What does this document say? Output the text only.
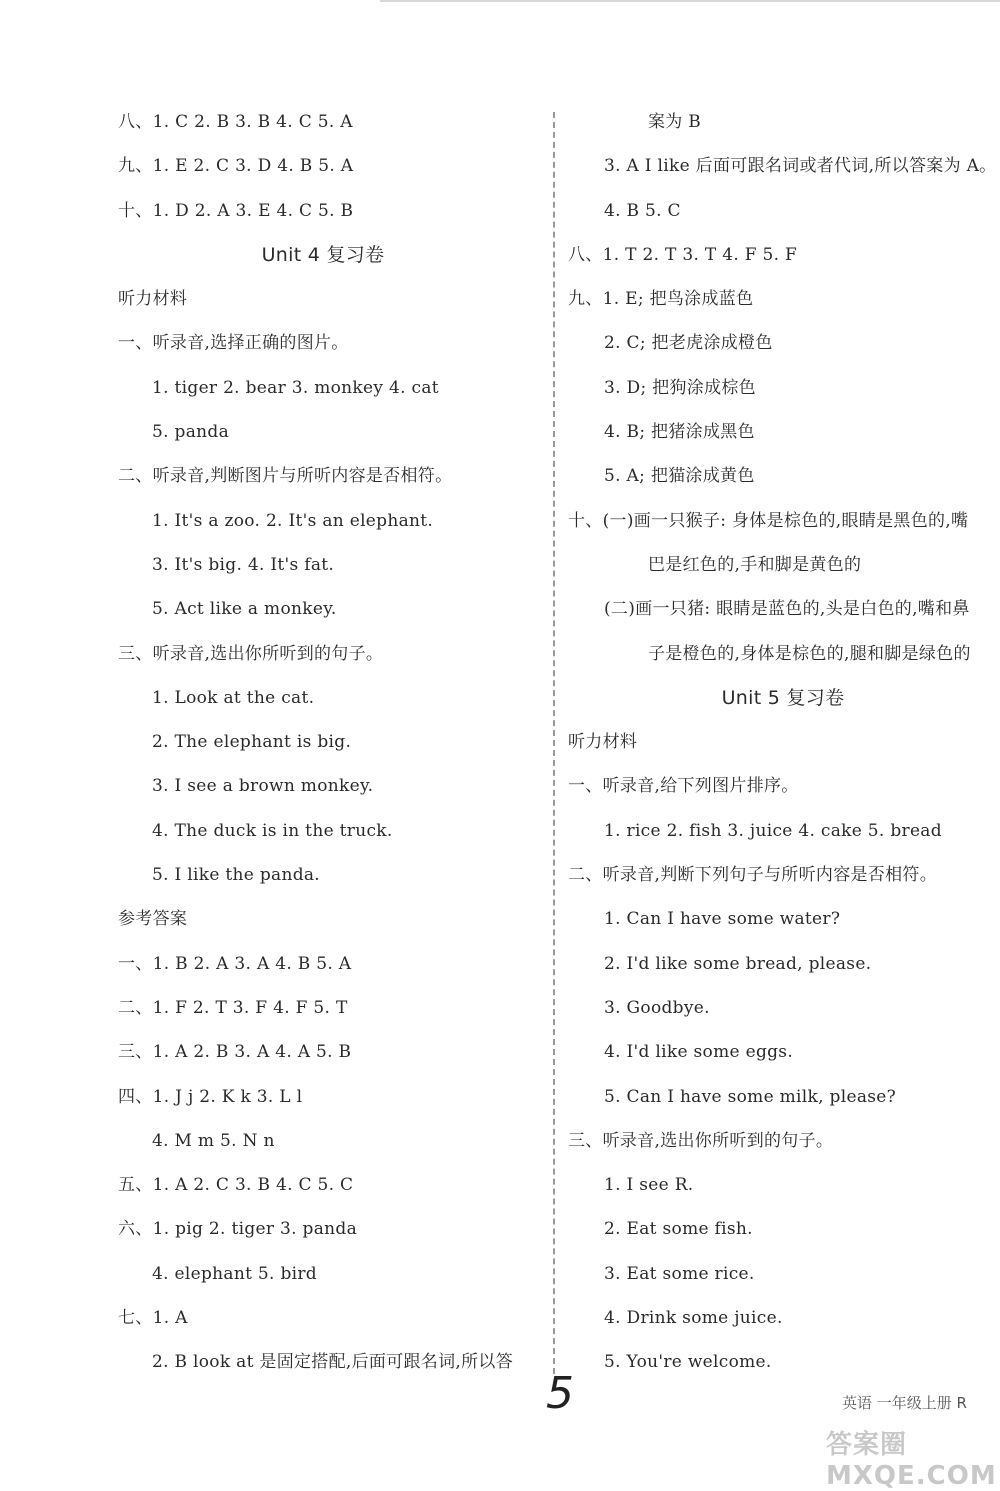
八、1. C 2. B 3. B 4. C 5. A
九、1. E 2. C 3. D 4. B 5. A
十、1. D 2. A 3. E 4. C 5. B
Unit 4 复习卷
听力材料
一、听录音,选择正确的图片。
1. tiger 2. bear 3. monkey 4. cat
5. panda
二、听录音,判断图片与所听内容是否相符。
1. It's a zoo. 2. It's an elephant.
3. It's big. 4. It's fat.
5. Act like a monkey.
三、听录音,选出你所听到的句子。
1. Look at the cat.
2. The elephant is big.
3. I see a brown monkey.
4. The duck is in the truck.
5. I like the panda.
参考答案
一、1. B 2. A 3. A 4. B 5. A
二、1. F 2. T 3. F 4. F 5. T
三、1. A 2. B 3. A 4. A 5. B
四、1. J j 2. K k 3. L l
4. M m 5. N n
五、1. A 2. C 3. B 4. C 5. C
六、1. pig 2. tiger 3. panda
4. elephant 5. bird
七、1. A
2. B look at 是固定搭配,后面可跟名词,所以答
案为 B
3. A I like 后面可跟名词或者代词,所以答案为 A。
4. B 5. C
八、1. T 2. T 3. T 4. F 5. F
九、1. E; 把鸟涂成蓝色
2. C; 把老虎涂成橙色
3. D; 把狗涂成棕色
4. B; 把猪涂成黑色
5. A; 把猫涂成黄色
十、(一)画一只猴子: 身体是棕色的,眼睛是黑色的,嘴
巴是红色的,手和脚是黄色的
(二)画一只猪: 眼睛是蓝色的,头是白色的,嘴和鼻
子是橙色的,身体是棕色的,腿和脚是绿色的
Unit 5 复习卷
听力材料
一、听录音,给下列图片排序。
1. rice 2. fish 3. juice 4. cake 5. bread
二、听录音,判断下列句子与所听内容是否相符。
1. Can I have some water?
2. I'd like some bread, please.
3. Goodbye.
4. I'd like some eggs.
5. Can I have some milk, please?
三、听录音,选出你所听到的句子。
1. I see R.
2. Eat some fish.
3. Eat some rice.
4. Drink some juice.
5. You're welcome.
5	英语 一年级上册 R
答案圈 MXQE.COM
